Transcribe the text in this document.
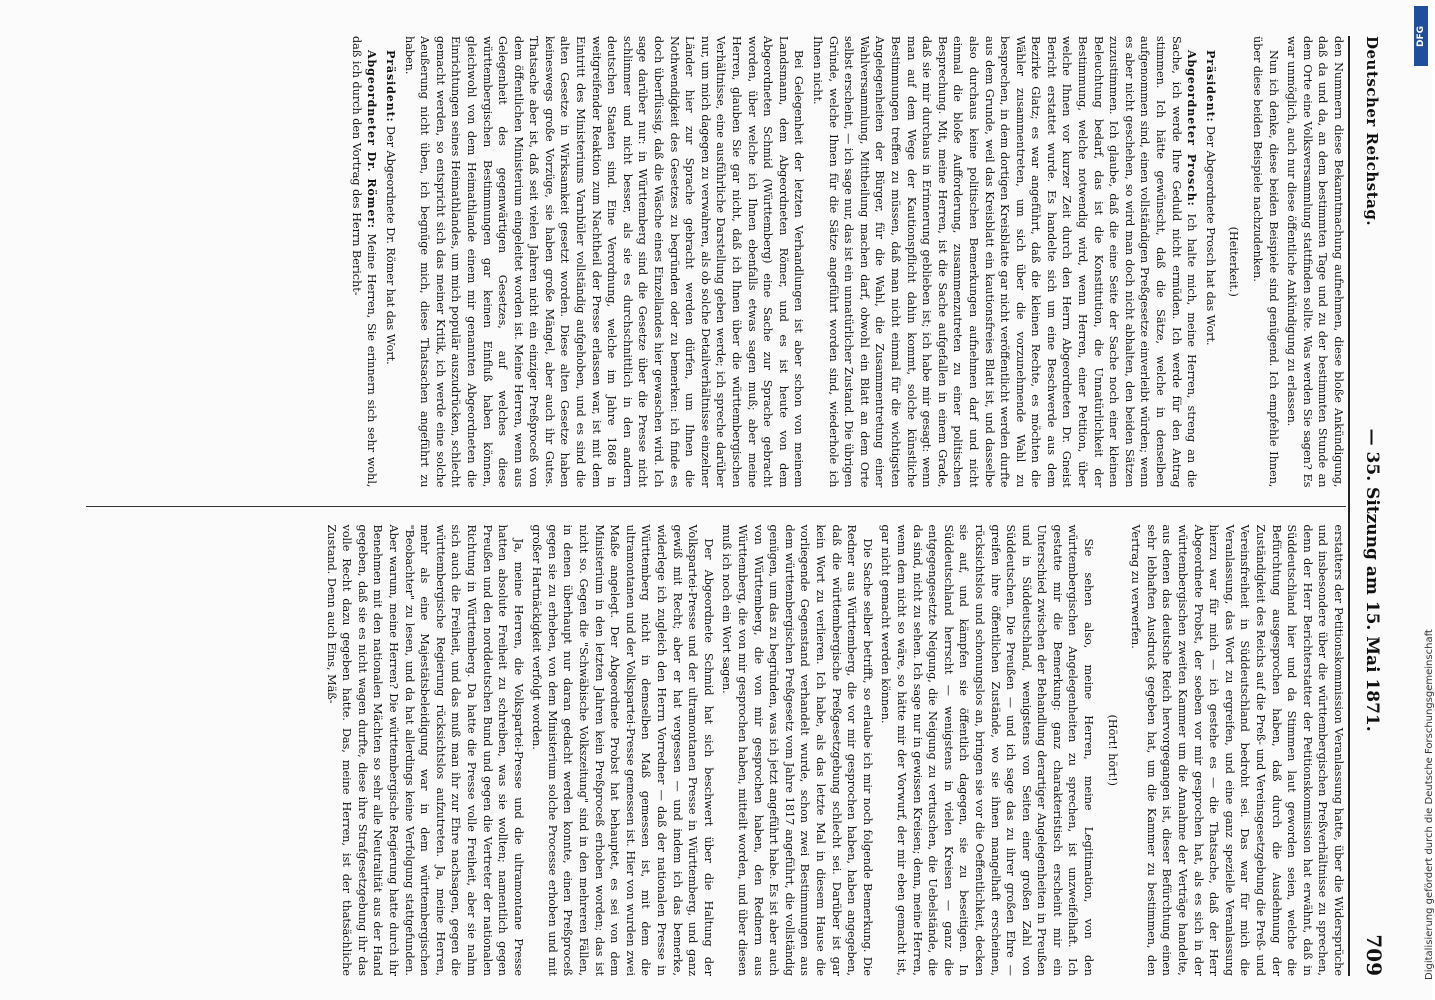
Deutscher Reichstag.
— 35. Sitzung am 15. Mai 1871.
709

den Nummern diese Bekanntmachung aufnehmen, diese bloße Ankündigung, daß da und da, an dem bestimmten Tage und zu der bestimmten Stunde an dem Orte eine Volksversammlung stattfinden sollte. Was werden Sie sagen? Es war unmöglich, auch nur diese öffentliche Ankündigung zu erlassen.

Nun ich denke, diese beiden Beispiele sind genügend. Ich empfehle Ihnen, über diese beiden Beispiele nachzudenken.

(Heiterkeit.)

Präsident: Der Abgeordnete Prosch hat das Wort.

Abgeordneter Prosch: Ich halte mich, meine Herren, streng an die Sache, ich werde Ihre Geduld nicht ermüden. Ich werde für den Antrag stimmen. Ich hätte gewünscht, daß die Sätze, welche in denselben aufgenommen sind, einen vollständigen Preßgesetze einverleibt würden; wenn es aber nicht geschehen, so wird man doch nicht abhalten, den beiden Sätzen zuzustimmen. Ich glaube, daß die eine Seite der Sache noch einer kleinen Beleuchtung bedarf, das ist die Konstitution, die Unnatürlichkeit der Bestimmung, welche notwendig wird, wenn Herren, einer Petition, über welche Ihnen vor kurzer Zeit durch den Herrn Abgeordneten Dr. Gneist Bericht erstattet wurde. Es handelte sich um eine Beschwerde aus dem Bezirke Glatz; es war angeführt, daß die kleinen Rechte, es möchten die Wähler zusammentreten, um sich über die vorzunehmende Wahl zu besprechen, in dem dortigen Kreisblatte gar nicht veröffentlicht werden durfte aus dem Grunde, weil das Kreisblatt ein kautionsfreies Blatt ist, und dasselbe also durchaus keine politischen Bemerkungen aufnehmen darf und nicht einmal die bloße Aufforderung, zusammenzutreten zu einer politischen Besprechung. Mit, meine Herren, ist die Sache aufgefallen in einem Grade, daß sie mir durchaus in Erinnerung geblieben ist; ich habe mir gesagt: wenn man auf dem Wege der Kautionspflicht dahin kommt, solche künstliche Bestimmungen treffen zu müssen, daß man nicht einmal für die wichtigsten Angelegenheiten der Bürger, für die Wahl, die Zusammentretung einer Wahlversammlung, Mittheilung machen darf, obwohl ein Blatt an dem Orte selbst erscheint, — ich sage nur, das ist ein unnatürlicher Zustand. Die übrigen Gründe, welche Ihnen für die Sätze angeführt worden sind, wiederhole ich Ihnen nicht.

Bei Gelegenheit der letzten Verhandlungen ist aber schon von meinem Landsmann, dem Abgeordneten Römer, und es ist heute von dem Abgeordneten Schmid (Württemberg) eine Sache zur Sprache gebracht worden, über welche ich Ihnen ebenfalls etwas sagen muß; aber meine Herren, glauben Sie gar nicht, daß ich Ihnen über die württembergischen Verhältnisse, eine ausführliche Darstellung geben werde; ich spreche darüber nur, um mich dagegen zu verwahren, als ob solche Detailverhältnisse einzelner Länder hier zur Sprache gebracht werden dürfen, um Ihnen die Nothwendigkeit des Gesetzes zu begründen oder zu bemerken: ich finde es doch überflüssig, daß die Wäsche eines Einzellandes hier gewaschen wird. Ich sage darüber nur: in Württemberg sind die Gesetze über die Presse nicht schlimmer und nicht besser, als sie es durchschnittlich in den andern deutschen Staaten sind. Eine Verordnung, welche im Jahre 1868 in weitgreifender Reaktion zum Nachtheil der Presse erlassen war, ist mit dem Eintritt des Ministeriums Varnbüler vollständig aufgehoben, und es sind die alten Gesetze in Wirksamkeit gesetzt worden. Diese alten Gesetze haben keineswegs große Vorzüge, sie haben große Mängel, aber auch ihr Gutes. Thatsache aber ist, daß seit vielen Jahren nicht ein einziger Preßproceß von dem öffentlichen Ministerium eingeleitet worden ist. Meine Herren, wenn aus Gelegenheit des gegenwärtigen Gesetzes, auf welches diese württembergischen Bestimmungen gar keinen Einfluß haben können, gleichwohl von dem Heimathlande einem mir genannten Abgeordneten die Einrichtungen seines Heimathlandes, um mich populär auszudrücken, schlecht gemacht werden, so entspricht sich das meiner Kritik, ich werde eine solche Aeußerung nicht üben, ich begnüge mich, diese Thatsachen angeführt zu haben.

Präsident: Der Abgeordnete Dr. Römer hat das Wort.

Abgeordneter Dr. Römer: Meine Herren, Sie erinnern sich sehr wohl, daß ich durch den Vortrag des Herrn Bericht-

erstatters der Petitionskommission Veranlassung hatte, über die Widersprüche und insbesondere über die württembergischen Preßverhältnisse zu sprechen, denn der Herr Berichterstatter der Petitionskommission hat erwähnt, daß in Süddeutschland hier und da Stimmen laut geworden seien, welche die Befürchtung ausgesprochen haben, daß durch die Ausdehnung der Zuständigkeit des Reichs auf die Preß- und Vereinsgesetzgebung die Preß- und Vereinsfreiheit in Süddeutschland bedroht sei. Das war für mich die Veranlassung, das Wort zu ergreifen, und eine ganz spezielle Veranlassung hierzu war für mich — ich gestehe es — die Thatsache, daß der Herr Abgeordnete Probst, der soeben vor mir gesprochen hat, als es sich in der württembergischen zweiten Kammer um die Annahme der Verträge handelte, aus denen das deutsche Reich hervorgegangen ist, dieser Befürchtung einen sehr lebhaften Ausdruck gegeben hat, um die Kammer zu bestimmen, den Vertrag zu verwerfen.

(Hört! hört!)

Sie sehen also, meine Herren, meine Legitimation, von den württembergischen Angelegenheiten zu sprechen, ist unzweifelhaft. Ich gestatte mir die Bemerkung: ganz charakteristisch erscheint mir ein Unterschied zwischen der Behandlung derartiger Angelegenheiten in Preußen und in Süddeutschland, wenigstens von Seiten einer großen Zahl von Süddeutschen. Die Preußen — und ich sage das zu ihrer großen Ehre — greifen ihre öffentlichen Zustände, wo sie ihnen mangelhaft erscheinen, rücksichtslos und schonungslos an, bringen sie vor die Oeffentlichkeit, decken sie auf, und kämpfen sie öffentlich dagegen, sie zu beseitigen. In Süddeutschland herrscht — wenigstens in vielen Kreisen — ganz die entgegengesetzte Neigung, die Neigung zu vertuschen, die Uebelstände, die da sind, nicht zu sehen. Ich sage nur in gewissen Kreisen; denn, meine Herren, wenn dem nicht so wäre, so hätte mir der Vorwurf, der mir eben gemacht ist, gar nicht gemacht werden können.

Die Sache selber betrifft, so erlaube ich mir noch folgende Bemerkung. Die Redner aus Württemberg, die vor mir gesprochen haben, haben angegeben, daß die württembergische Preßgesetzgebung schlecht sei. Darüber ist gar kein Wort zu verlieren. Ich habe, als das letzte Mal in diesem Hause die vorliegende Gegenstand verhandelt wurde, schon zwei Bestimmungen aus dem württembergischen Preßgesetz vom Jahre 1817 angeführt, die vollständig genügen, um das zu begründen, was ich jetzt angeführt habe. Es ist aber auch von Württemberg, die von mir gesprochen haben, den Rednern aus Württemberg, die von mir gesprochen haben, mitteilt worden, und über diesen muß ich noch ein Wort sagen.

Der Abgeordnete Schmid hat sich beschwert über die Haltung der Volkspartei-Presse und der ultramontanen Presse in Württemberg, und ganz gewiß mit Recht; aber er hat vergessen — und indem ich das bemerke, widerlege ich zugleich den Herrn Vorredner — daß der nationalen Presse in Württemberg nicht in demselben Maß gemessen ist, mit dem die ultramontanen und der Volkspartei-Presse gemessen ist. Hier von wurden zwei Maße angelegt. Der Abgeordnete Probst hat behauptet, es sei von dem Ministerium in den letzten Jahren kein Preßproceß erhoben worden; das ist nicht so. Gegen die "Schwäbische Volkszeitung" sind in den mehreren Fällen, in denen überhaupt nur daran gedacht werden konnte, einen Preßproceß gegen sie zu erheben, von dem Ministerium solche Processe erhoben und mit großer Hartnäckigkeit verfolgt worden.

Ja, meine Herren, die Volkspartei-Presse und die ultramontane Presse hatten absolute Freiheit zu schreiben, was sie wollten; namentlich gegen Preußen und den norddeutschen Bund und gegen die Vertreter der nationalen Richtung in Württemberg. Da hatte die Presse volle Freiheit, aber sie nahm sich auch die Freiheit, und das muß man ihr zur Ehre nachsagen, gegen die württembergische Regierung rücksichtslos aufzutreten. Ja, meine Herren, mehr als eine Majestätsbeleidigung war in dem württembergischen "Beobachter" zu lesen, und da hat allerdings keine Verfolgung stattgefunden. Aber warum, meine Herren? Die württembergische Regierung hatte durch ihr Benehmen mit den nationalen Mächten so sehr alle Neutralität aus der Hand gegeben, daß sie es nicht wagen durfte, diese ihre Strafgesetzgebung ihr das volle Recht dazu gegeben hatte. Das, meine Herren, ist der thatsächliche Zustand. Denn auch Eins, Mäß-

Digitalisierung gefördert durch die Deutsche Forschungsgemeinschaft
DFG
